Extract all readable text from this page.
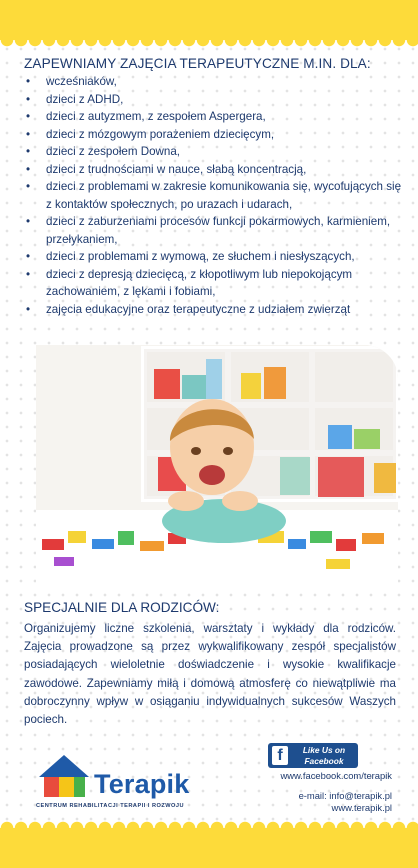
ZAPEWNIAMY ZAJĘCIA TERAPEUTYCZNE M.IN. DLA:
• wcześniaków,
• dzieci z ADHD,
• dzieci z autyzmem, z zespołem Aspergera,
• dzieci z mózgowym porażeniem dziecięcym,
• dzieci z zespołem Downa,
• dzieci z trudnościami w nauce, słabą koncentracją,
• dzieci z problemami w zakresie komunikowania się, wycofujących się z kontaktów społecznych, po urazach i udarach,
• dzieci z zaburzeniami procesów funkcji pokarmowych, karmieniem, przełykaniem,
• dzieci z problemami z wymową, ze słuchem i niesłyszących,
• dzieci z depresją dziecięcą, z kłopotliwym lub niepokojącym zachowaniem, z lękami i fobiami,
• zajęcia edukacyjne oraz terapeutyczne z udziałem zwierząt
SPECJALNIE DLA RODZICÓW:

Organizujemy liczne szkolenia, warsztaty i wykłady dla rodziców. Zajęcia prowadzone są przez wykwalifikowany zespół specjalistów posiadających wieloletnie doświadczenie i wysokie kwalifikacje zawodowe. Zapewniamy miłą i domową atmosferę co niewątpliwie ma dobroczynny wpływ w osiąganiu indywidualnych sukcesów Waszych pociech.

Terapik
CENTRUM REHABILITACJI TERAPII I ROZWOJU
f	Like Us on
Facebook
www.facebook.com/terapik
e-mail: info@terapik.pl
www.terapik.pl
